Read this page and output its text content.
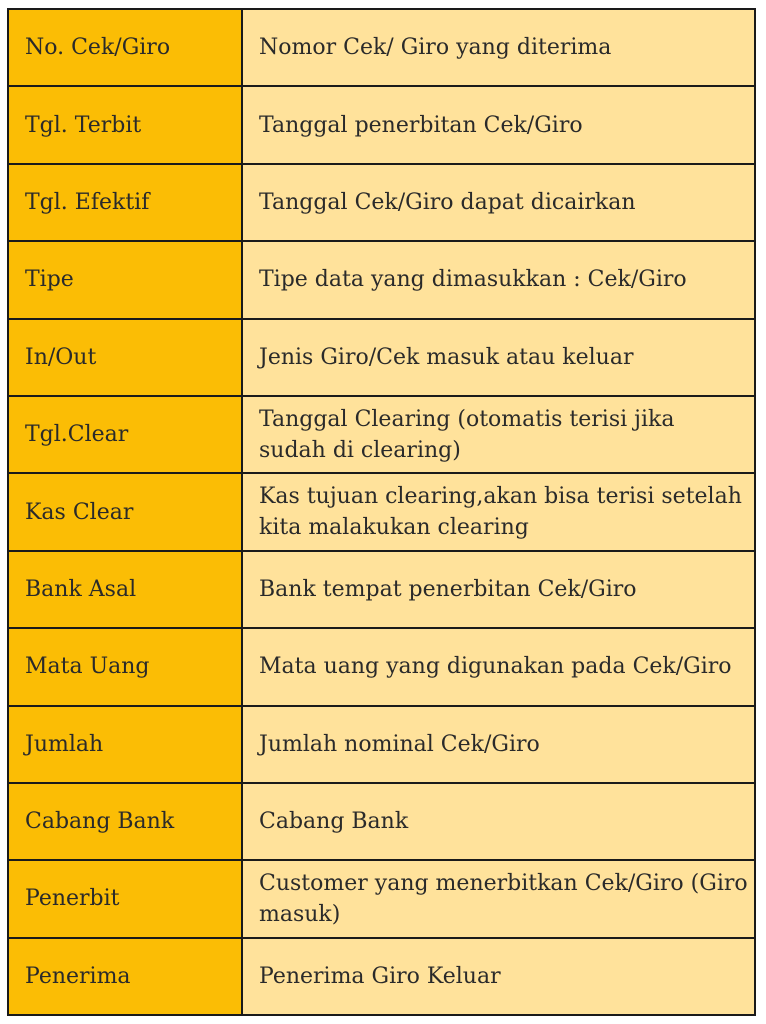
No. Cek/Giro	Nomor Cek/ Giro yang diterima
Tgl. Terbit	Tanggal penerbitan Cek/Giro
Tgl. Efektif	Tanggal Cek/Giro dapat dicairkan
Tipe	Tipe data yang dimasukkan : Cek/Giro
In/Out	Jenis Giro/Cek masuk atau keluar
Tgl.Clear	Tanggal Clearing (otomatis terisi jika sudah di clearing)
Kas Clear	Kas tujuan clearing,akan bisa terisi setelah kita malakukan clearing
Bank Asal	Bank tempat penerbitan Cek/Giro
Mata Uang	Mata uang yang digunakan pada Cek/Giro
Jumlah	Jumlah nominal Cek/Giro
Cabang Bank	Cabang Bank
Penerbit	Customer yang menerbitkan Cek/Giro (Giro masuk)
Penerima	Penerima Giro Keluar
